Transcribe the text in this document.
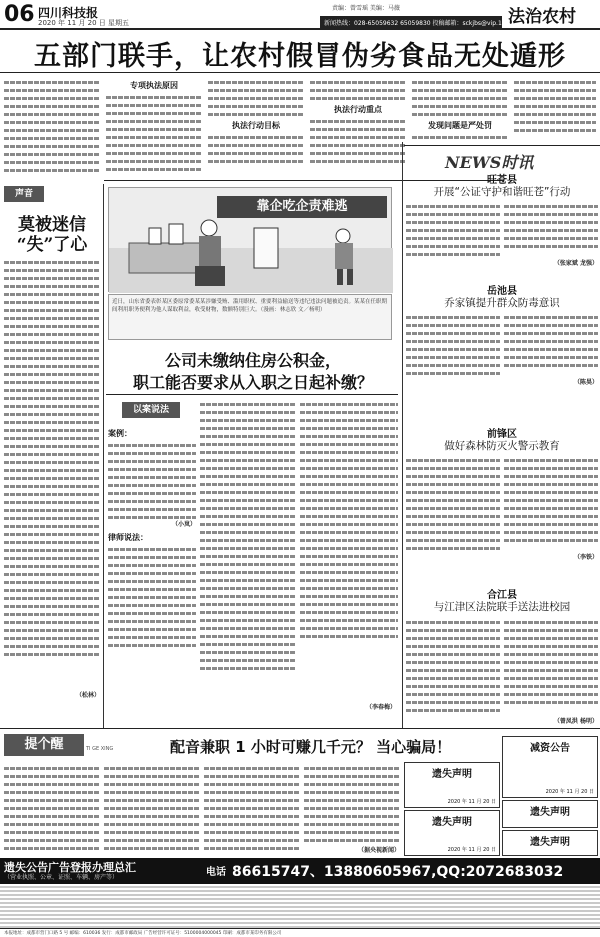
06 四川科技报
2020 年 11 月 20 日 星期五
责编：曾雪瑶 美编：马薇
新闻热线：028-65059632 65059830 投稿邮箱：sckjbs@vip.163.com
法治农村
五部门联手，让农村假冒伪劣食品无处遁形
专项执法原因
执法行动目标
执法行动重点
发现问题是严处罚
声音
莫被迷信
“失”了心
（松林）
靠企吃企责难逃
近日，山东省委表彰某区委原常委某某涉嫌受贿、滥用职权、重要利益输送等违纪违法问题被追责。某某在任职期间利用职务便利为他人谋取利益，收受财物，数额特别巨大。（漫画：林志欣 文／杨明）
公司未缴纳住房公积金，
职工能否要求从入职之日起补缴？
以案说法
案例：
（小岚）
律师说法：
（李春梅）
NEWS时讯
旺苍县
开展“公证守护和谐旺苍”行动
（张家斌 龙强）
岳池县
乔家镇提升群众防毒意识
（陈昊）
前锋区
做好森林防灭火警示教育
（李铁）
合江县
与江津区法院联手送法进校园
（曾凤洪 杨明）
提个醒	TI GE XING	配音兼职 1 小时可赚几千元？ 当心骗局！
（据央视新闻）
遗失声明
2020 年 11 月 20 日
遗失声明
2020 年 11 月 20 日
减资公告
2020 年 11 月 20 日
遗失声明
遗失声明
遗失公告广告登报办理总汇
（营业执照、公章、证照、车辆、房产等）	电话 86615747、13880605967,QQ:2072683032
本报地址：成都市营门口路 5 号 邮编：610036 发行：成都市邮政局 广告经营许可证号：5100004000045 印刷：成都市某印务有限公司
